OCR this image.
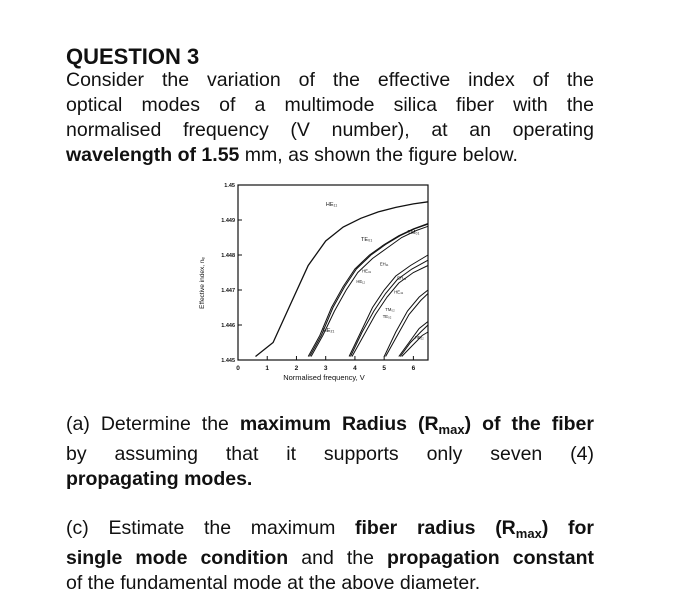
QUESTION 3
Consider the variation of the effective index of the
optical modes of a multimode silica fiber with the
normalised frequency (V number), at an operating
wavelength of 1.55 mm, as shown the figure below.
0	1	2	3	4	5	6
1.45
1.449
1.448
1.447
1.446
1.445
HE₁₁
TE₀₁
TM₀₁
HE₂₁
EH₁₁
HE₃₁
HE₁₂
EH₂₁
HE₄₁
TM₀₂
TE₀₂
HE₂₂
Normalised frequency, V
Effective index, nₑ
(a) Determine the maximum Radius $(R_{max})$ of the fiber
by assuming that it supports only seven (4)
propagating modes.
(c) Estimate the maximum fiber radius $(R_{max})$ for
single mode condition and the propagation constant
of the fundamental mode at the above diameter.
